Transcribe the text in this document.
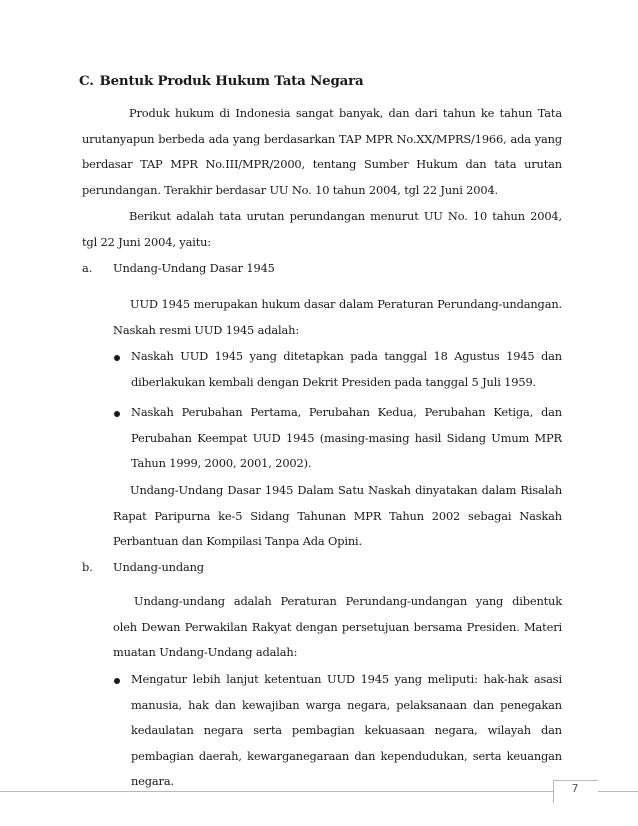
C. Bentuk Produk Hukum Tata Negara
Produk hukum di Indonesia sangat banyak, dan dari tahun ke tahun Tata urutanyapun berbeda ada yang berdasarkan TAP MPR No.XX/MPRS/1966, ada yang berdasar TAP MPR No.III/MPR/2000, tentang Sumber Hukum dan tata urutan perundangan. Terakhir berdasar UU No. 10 tahun 2004, tgl 22 Juni 2004.
Berikut adalah tata urutan perundangan menurut UU No. 10 tahun 2004, tgl 22 Juni 2004, yaitu:
a. Undang-Undang Dasar 1945
UUD 1945 merupakan hukum dasar dalam Peraturan Perundang-undangan. Naskah resmi UUD 1945 adalah:
Naskah UUD 1945 yang ditetapkan pada tanggal 18 Agustus 1945 dan diberlakukan kembali dengan Dekrit Presiden pada tanggal 5 Juli 1959.
Naskah Perubahan Pertama, Perubahan Kedua, Perubahan Ketiga, dan Perubahan Keempat UUD 1945 (masing-masing hasil Sidang Umum MPR Tahun 1999, 2000, 2001, 2002).
Undang-Undang Dasar 1945 Dalam Satu Naskah dinyatakan dalam Risalah Rapat Paripurna ke-5 Sidang Tahunan MPR Tahun 2002 sebagai Naskah Perbantuan dan Kompilasi Tanpa Ada Opini.
b. Undang-undang
Undang-undang adalah Peraturan Perundang-undangan yang dibentuk oleh Dewan Perwakilan Rakyat dengan persetujuan bersama Presiden. Materi muatan Undang-Undang adalah:
Mengatur lebih lanjut ketentuan UUD 1945 yang meliputi: hak-hak asasi manusia, hak dan kewajiban warga negara, pelaksanaan dan penegakan kedaulatan negara serta pembagian kekuasaan negara, wilayah dan pembagian daerah, kewarganegaraan dan kependudukan, serta keuangan negara.
7
